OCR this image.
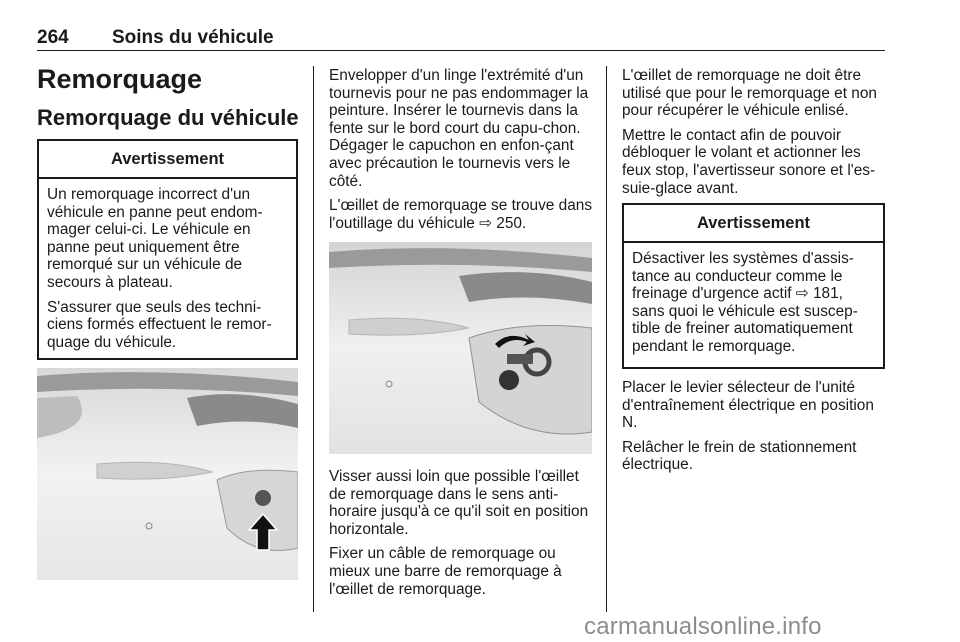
264 Soins du véhicule
Remorquage
Remorquage du véhicule
Avertissement

Un remorquage incorrect d'un véhicule en panne peut endom-mager celui-ci. Le véhicule en panne peut uniquement être remorqué sur un véhicule de secours à plateau.

S'assurer que seuls des techni-ciens formés effectuent le remor-quage du véhicule.

Envelopper d'un linge l'extrémité d'un tournevis pour ne pas endommager la peinture. Insérer le tournevis dans la fente sur le bord court du capu-chon. Dégager le capuchon en enfon-çant avec précaution le tournevis vers le côté.

L'œillet de remorquage se trouve dans l'outillage du véhicule ⇨ 250.

Visser aussi loin que possible l'œillet de remorquage dans le sens anti-horaire jusqu'à ce qu'il soit en position horizontale.

Fixer un câble de remorquage ou mieux une barre de remorquage à l'œillet de remorquage.

L'œillet de remorquage ne doit être utilisé que pour le remorquage et non pour récupérer le véhicule enlisé.

Mettre le contact afin de pouvoir débloquer le volant et actionner les feux stop, l'avertisseur sonore et l'es-suie-glace avant.

Avertissement

Désactiver les systèmes d'assis-tance au conducteur comme le freinage d'urgence actif ⇨ 181, sans quoi le véhicule est suscep-tible de freiner automatiquement pendant le remorquage.

Placer le levier sélecteur de l'unité d'entraînement électrique en position N.

Relâcher le frein de stationnement électrique.

carmanualsonline.info
